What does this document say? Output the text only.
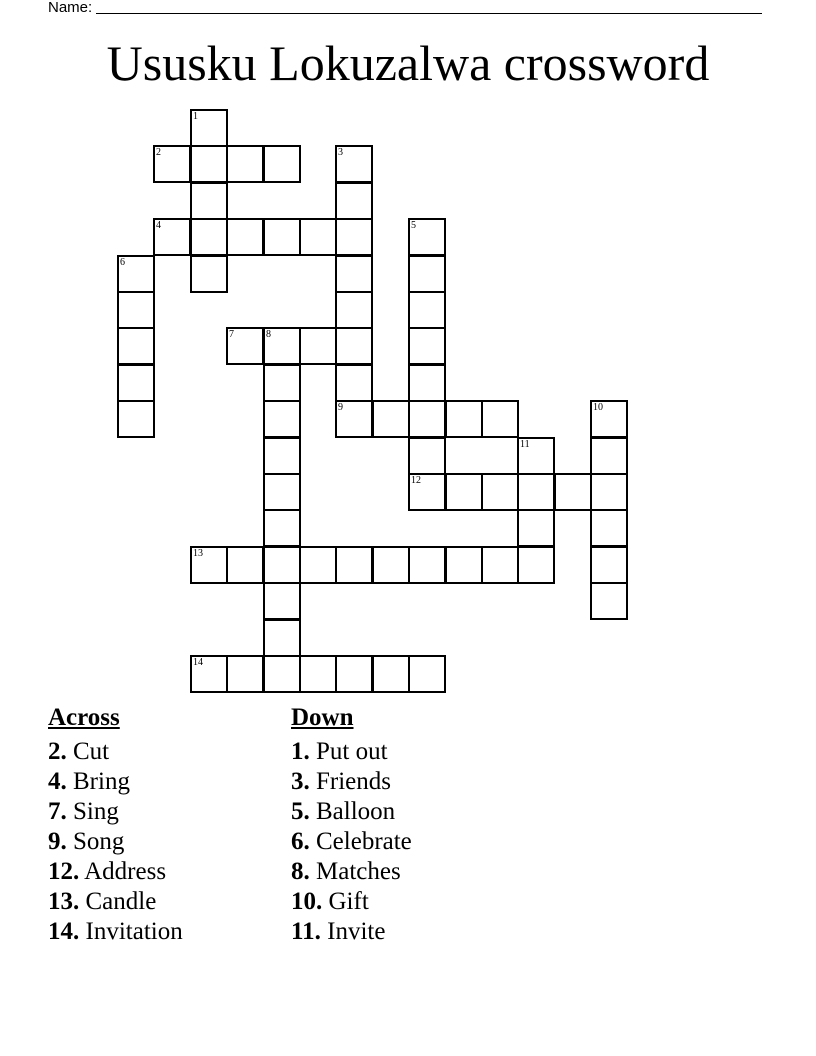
Name:
Ususku Lokuzalwa crossword
1
2	3
4	5
12
6
7	8
9	10
11
13
14
Across
2. Cut
4. Bring
7. Sing
9. Song
12. Address
13. Candle
14. Invitation
Down
1. Put out
3. Friends
5. Balloon
6. Celebrate
8. Matches
10. Gift
11. Invite
